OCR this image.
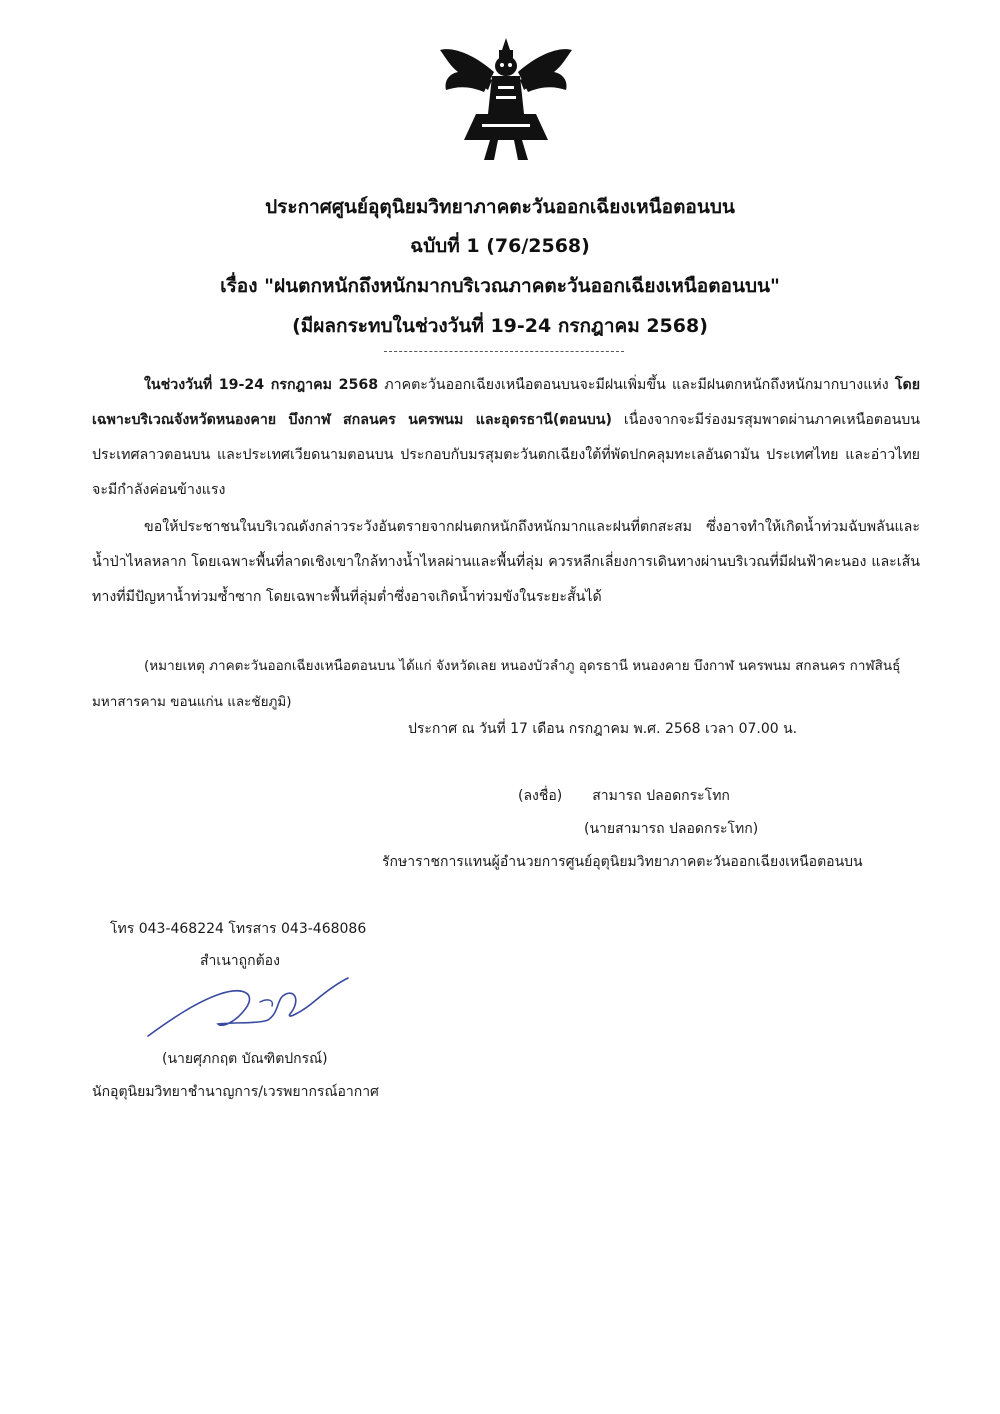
ประกาศศูนย์อุตุนิยมวิทยาภาคตะวันออกเฉียงเหนือตอนบน
ฉบับที่ 1 (76/2568)
เรื่อง "ฝนตกหนักถึงหนักมากบริเวณภาคตะวันออกเฉียงเหนือตอนบน"
(มีผลกระทบในช่วงวันที่ 19-24 กรกฎาคม 2568)
ในช่วงวันที่ 19-24 กรกฎาคม 2568 ภาคตะวันออกเฉียงเหนือตอนบนจะมีฝนเพิ่มขึ้น และมีฝนตกหนักถึงหนักมากบางแห่ง โดยเฉพาะบริเวณจังหวัดหนองคาย บึงกาฬ สกลนคร นครพนม และอุดรธานี(ตอนบน) เนื่องจากจะมีร่องมรสุมพาดผ่านภาคเหนือตอนบน ประเทศลาวตอนบน และประเทศเวียดนามตอนบน ประกอบกับมรสุมตะวันตกเฉียงใต้ที่พัดปกคลุมทะเลอันดามัน ประเทศไทย และอ่าวไทยจะมีกำลังค่อนข้างแรง
ขอให้ประชาชนในบริเวณดังกล่าวระวังอันตรายจากฝนตกหนักถึงหนักมากและฝนที่ตกสะสม ซึ่งอาจทำให้เกิดน้ำท่วมฉับพลันและน้ำป่าไหลหลาก โดยเฉพาะพื้นที่ลาดเชิงเขาใกล้ทางน้ำไหลผ่านและพื้นที่ลุ่ม ควรหลีกเลี่ยงการเดินทางผ่านบริเวณที่มีฝนฟ้าคะนอง และเส้นทางที่มีปัญหาน้ำท่วมซ้ำซาก โดยเฉพาะพื้นที่ลุ่มต่ำซึ่งอาจเกิดน้ำท่วมขังในระยะสั้นได้
(หมายเหตุ ภาคตะวันออกเฉียงเหนือตอนบน ได้แก่ จังหวัดเลย หนองบัวลำภู อุดรธานี หนองคาย บึงกาฬ นครพนม สกลนคร กาฬสินธุ์ มหาสารคาม ขอนแก่น และชัยภูมิ)
ประกาศ ณ วันที่ 17 เดือน กรกฎาคม พ.ศ. 2568 เวลา 07.00 น.
(ลงชื่อ) สามารถ ปลอดกระโทก
(นายสามารถ ปลอดกระโทก)
รักษาราชการแทนผู้อำนวยการศูนย์อุตุนิยมวิทยาภาคตะวันออกเฉียงเหนือตอนบน
โทร 043-468224 โทรสาร 043-468086
สำเนาถูกต้อง
(นายศุภกฤต บัณฑิตปกรณ์)
นักอุตุนิยมวิทยาชำนาญการ/เวรพยากรณ์อากาศ
